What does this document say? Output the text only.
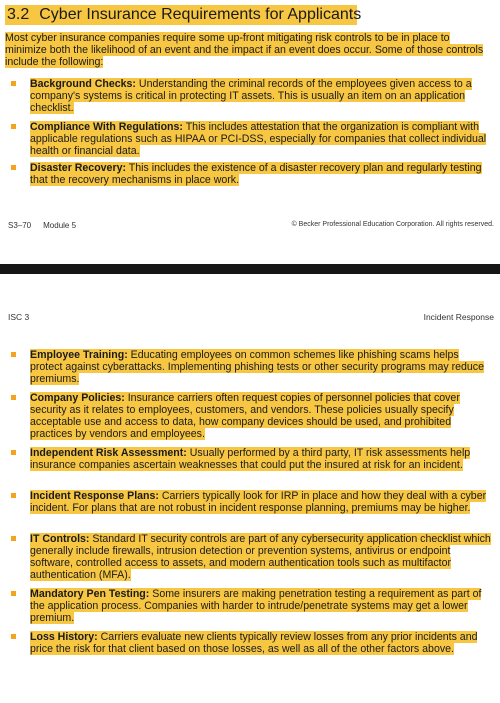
3.2 Cyber Insurance Requirements for Applicants
Most cyber insurance companies require some up-front mitigating risk controls to be in place to minimize both the likelihood of an event and the impact if an event does occur. Some of those controls include the following:
Background Checks: Understanding the criminal records of the employees given access to a company's systems is critical in protecting IT assets. This is usually an item on an application checklist.
Compliance With Regulations: This includes attestation that the organization is compliant with applicable regulations such as HIPAA or PCI-DSS, especially for companies that collect individual health or financial data.
Disaster Recovery: This includes the existence of a disaster recovery plan and regularly testing that the recovery mechanisms in place work.
S3–70 Module 5	© Becker Professional Education Corporation. All rights reserved.
ISC 3	Incident Response
Employee Training: Educating employees on common schemes like phishing scams helps protect against cyberattacks. Implementing phishing tests or other security programs may reduce premiums.
Company Policies: Insurance carriers often request copies of personnel policies that cover security as it relates to employees, customers, and vendors. These policies usually specify acceptable use and access to data, how company devices should be used, and prohibited practices by vendors and employees.
Independent Risk Assessment: Usually performed by a third party, IT risk assessments help insurance companies ascertain weaknesses that could put the insured at risk for an incident.
Incident Response Plans: Carriers typically look for IRP in place and how they deal with a cyber incident. For plans that are not robust in incident response planning, premiums may be higher.
IT Controls: Standard IT security controls are part of any cybersecurity application checklist which generally include firewalls, intrusion detection or prevention systems, antivirus or endpoint software, controlled access to assets, and modern authentication tools such as multifactor authentication (MFA).
Mandatory Pen Testing: Some insurers are making penetration testing a requirement as part of the application process. Companies with harder to intrude/penetrate systems may get a lower premium.
Loss History: Carriers evaluate new clients typically review losses from any prior incidents and price the risk for that client based on those losses, as well as all of the other factors above.
